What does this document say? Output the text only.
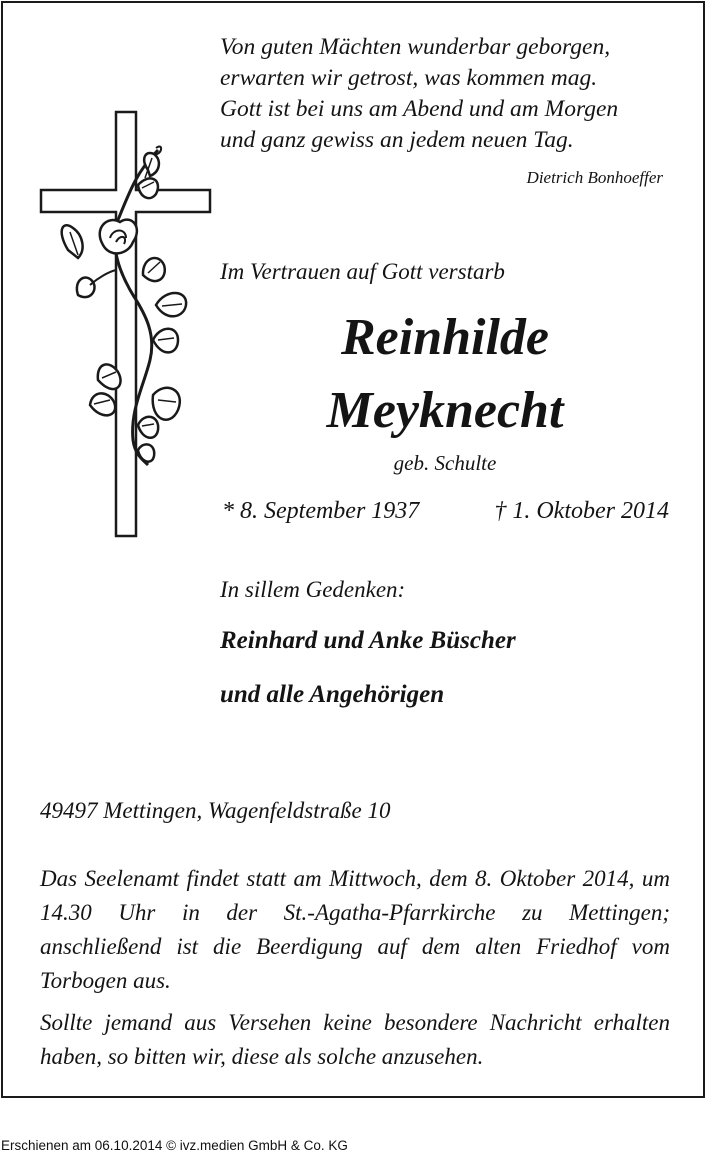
Von guten Mächten wunderbar geborgen,
erwarten wir getrost, was kommen mag.
Gott ist bei uns am Abend und am Morgen
und ganz gewiss an jedem neuen Tag.
Dietrich Bonhoeffer
Im Vertrauen auf Gott verstarb
Reinhilde
Meyknecht
geb. Schulte
* 8. September 1937	† 1. Oktober 2014
In sillem Gedenken:
Reinhard und Anke Büscher
und alle Angehörigen
49497 Mettingen, Wagenfeldstraße 10
Das Seelenamt findet statt am Mittwoch, dem 8. Oktober 2014, um 14.30 Uhr in der St.-Agatha-Pfarrkirche zu Mettingen; anschließend ist die Beerdigung auf dem alten Friedhof vom Torbogen aus.
Sollte jemand aus Versehen keine besondere Nachricht erhalten haben, so bitten wir, diese als solche anzusehen.
Erschienen am 06.10.2014 © ivz.medien GmbH & Co. KG
